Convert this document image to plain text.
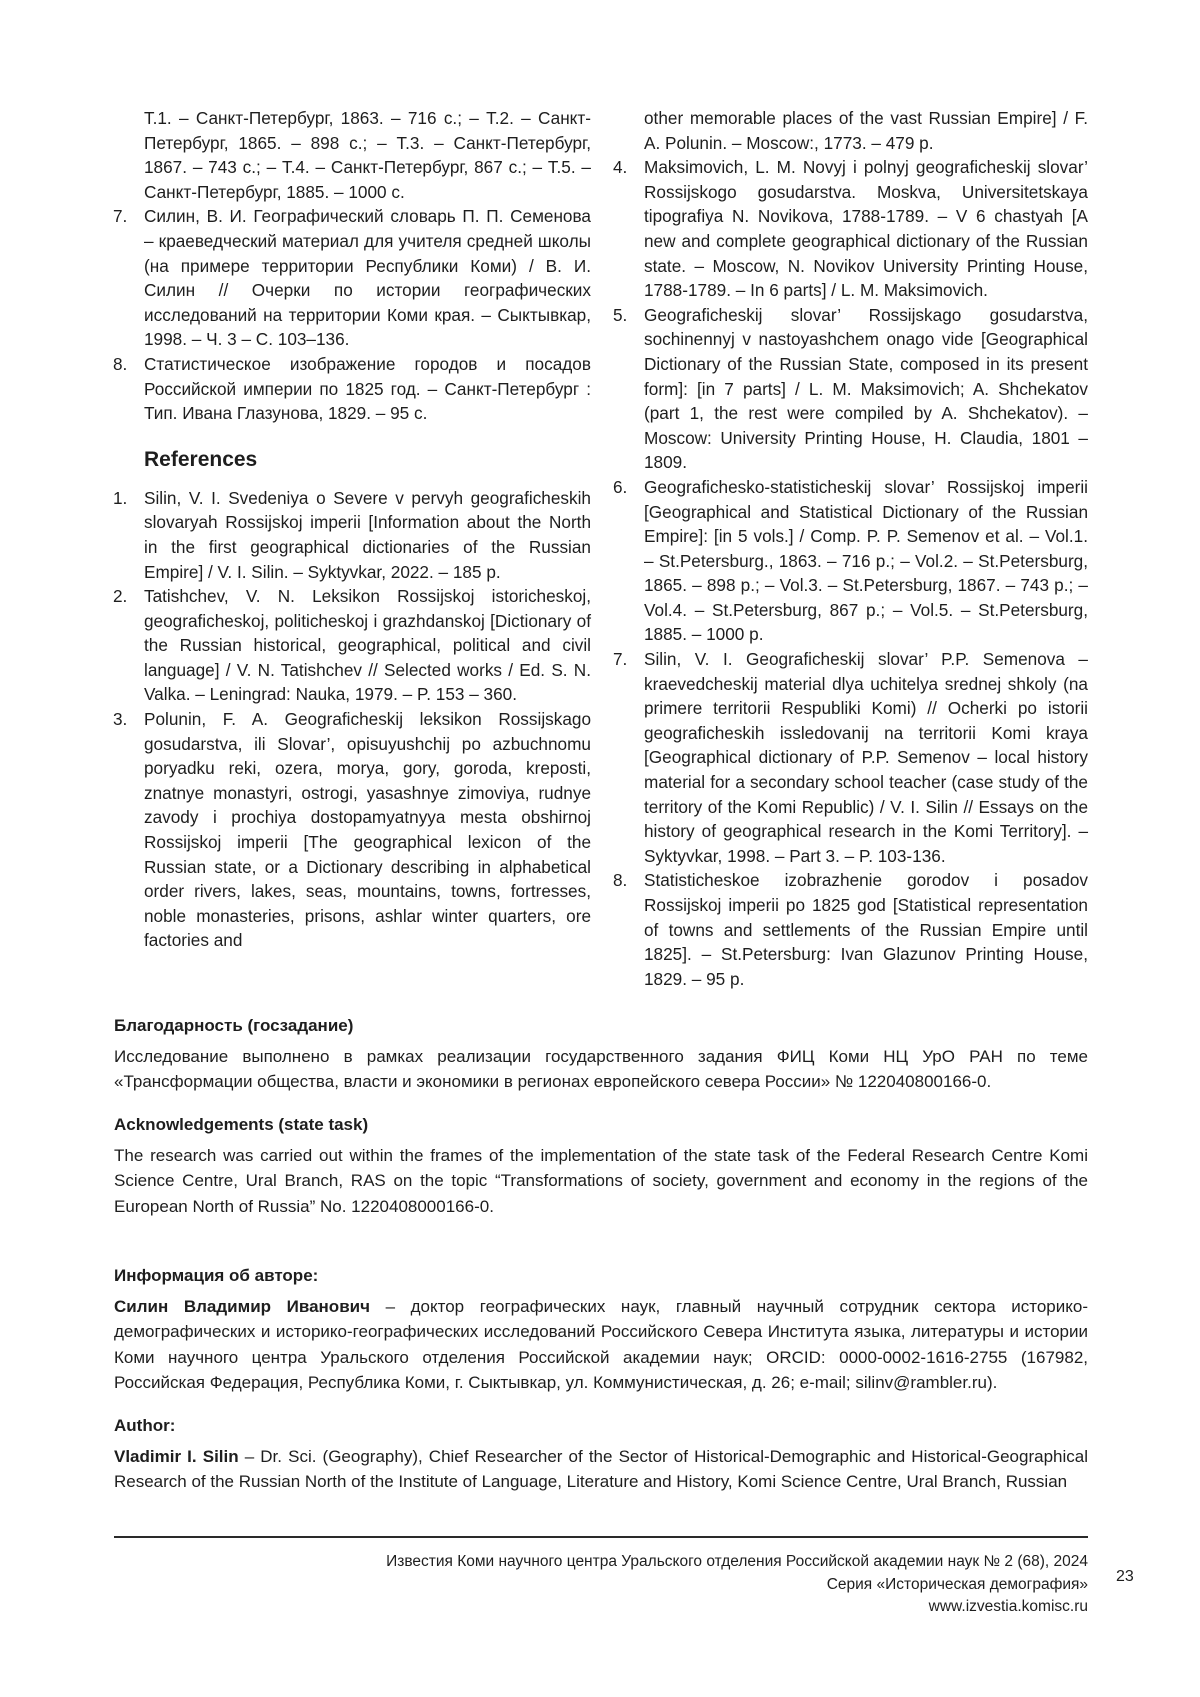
Т.1. – Санкт-Петербург, 1863. – 716 с.; – Т.2. – Санкт-Петербург, 1865. – 898 с.; – Т.3. – Санкт-Петербург, 1867. – 743 с.; – Т.4. – Санкт-Петербург, 867 с.; – Т.5. – Санкт-Петербург, 1885. – 1000 с.

7. Силин, В. И. Географический словарь П. П. Семенова – краеведческий материал для учителя средней школы (на примере территории Республики Коми) / В. И. Силин // Очерки по истории географических исследований на территории Коми края. – Сыктывкар, 1998. – Ч. 3 – С. 103–136.
8. Статистическое изображение городов и посадов Российской империи по 1825 год. – Санкт-Петербург : Тип. Ивана Глазунова, 1829. – 95 с.
References
1. Silin, V. I. Svedeniya o Severe v pervyh geograficheskih slovaryah Rossijskoj imperii [Information about the North in the first geographical dictionaries of the Russian Empire] / V. I. Silin. – Syktyvkar, 2022. – 185 p.
2. Tatishchev, V. N. Leksikon Rossijskoj istoricheskoj, geograficheskoj, politicheskoj i grazhdanskoj [Dictionary of the Russian historical, geographical, political and civil language] / V. N. Tatishchev // Selected works / Ed. S. N. Valka. – Leningrad: Nauka, 1979. – P. 153 – 360.
3. Polunin, F. A. Geograficheskij leksikon Rossijskago gosudarstva, ili Slovar’, opisuyushchij po azbuchnomu poryadku reki, ozera, morya, gory, goroda, kreposti, znatnye monastyri, ostrogi, yasashnye zimoviya, rudnye zavody i prochiya dostopamyatnyya mesta obshirnoj Rossijskoj imperii [The geographical lexicon of the Russian state, or a Dictionary describing in alphabetical order rivers, lakes, seas, mountains, towns, fortresses, noble monasteries, prisons, ashlar winter quarters, ore factories and

other memorable places of the vast Russian Empire] / F. A. Polunin. – Moscow:, 1773. – 479 p.

4. Maksimovich, L. M. Novyj i polnyj geograficheskij slovar’ Rossijskogo gosudarstva. Moskva, Universitetskaya tipografiya N. Novikova, 1788-1789. – V 6 chastyah [A new and complete geographical dictionary of the Russian state. – Moscow, N. Novikov University Printing House, 1788-1789. – In 6 parts] / L. M. Maksimovich.
5. Geograficheskij slovar’ Rossijskago gosudarstva, sochinennyj v nastoyashchem onago vide [Geographical Dictionary of the Russian State, composed in its present form]: [in 7 parts] / L. M. Maksimovich; A. Shchekatov (part 1, the rest were compiled by A. Shchekatov). – Moscow: University Printing House, H. Claudia, 1801 – 1809.
6. Geografichesko-statisticheskij slovar’ Rossijskoj imperii [Geographical and Statistical Dictionary of the Russian Empire]: [in 5 vols.] / Comp. P. P. Semenov et al. – Vol.1. – St.Petersburg., 1863. – 716 p.; – Vol.2. – St.Petersburg, 1865. – 898 p.; – Vol.3. – St.Petersburg, 1867. – 743 p.; – Vol.4. – St.Petersburg, 867 p.; – Vol.5. – St.Petersburg, 1885. – 1000 p.
7. Silin, V. I. Geograficheskij slovar’ P.P. Semenova – kraevedcheskij material dlya uchitelya srednej shkoly (na primere territorii Respubliki Komi) // Ocherki po istorii geograficheskih issledovanij na territorii Komi kraya [Geographical dictionary of P.P. Semenov – local history material for a secondary school teacher (case study of the territory of the Komi Republic) / V. I. Silin // Essays on the history of geographical research in the Komi Territory]. – Syktyvkar, 1998. – Part 3. – P. 103-136.
8. Statisticheskoe izobrazhenie gorodov i posadov Rossijskoj imperii po 1825 god [Statistical representation of towns and settlements of the Russian Empire until 1825]. – St.Petersburg: Ivan Glazunov Printing House, 1829. – 95 p.
Благодарность (госзадание)

Исследование выполнено в рамках реализации государственного задания ФИЦ Коми НЦ УрО РАН по теме «Трансформации общества, власти и экономики в регионах европейского севера России» № 122040800166-0.

Acknowledgements (state task)

The research was carried out within the frames of the implementation of the state task of the Federal Research Centre Komi Science Centre, Ural Branch, RAS on the topic “Transformations of society, government and economy in the regions of the European North of Russia” No. 1220408000166-0.

Информация об авторе:

Силин Владимир Иванович – доктор географических наук, главный научный сотрудник сектора историко-демографических и историко-географических исследований Российского Севера Института языка, литературы и истории Коми научного центра Уральского отделения Российской академии наук; ORCID: 0000-0002-1616-2755 (167982, Российская Федерация, Республика Коми, г. Сыктывкар, ул. Коммунистическая, д. 26; e-mail; silinv@rambler.ru).

Author:

Vladimir I. Silin – Dr. Sci. (Geography), Chief Researcher of the Sector of Historical-Demographic and Historical-Geographical Research of the Russian North of the Institute of Language, Literature and History, Komi Science Centre, Ural Branch, Russian

Известия Коми научного центра Уральского отделения Российской академии наук № 2 (68), 2024
Серия «Историческая демография»
www.izvestia.komisc.ru
23
